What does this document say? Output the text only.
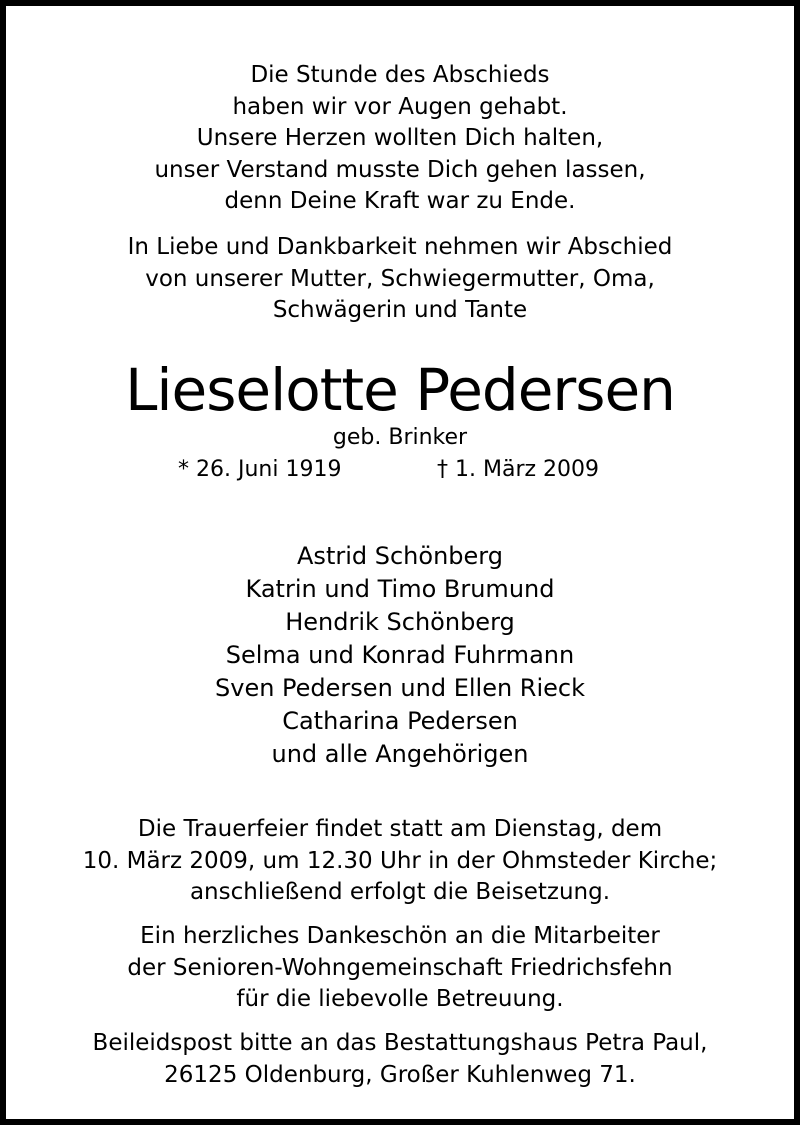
Die Stunde des Abschieds
haben wir vor Augen gehabt.
Unsere Herzen wollten Dich halten,
unser Verstand musste Dich gehen lassen,
denn Deine Kraft war zu Ende.
In Liebe und Dankbarkeit nehmen wir Abschied
von unserer Mutter, Schwiegermutter, Oma,
Schwägerin und Tante
Lieselotte Pedersen
geb. Brinker
* 26. Juni 1919	† 1. März 2009
Astrid Schönberg
Katrin und Timo Brumund
Hendrik Schönberg
Selma und Konrad Fuhrmann
Sven Pedersen und Ellen Rieck
Catharina Pedersen
und alle Angehörigen
Die Trauerfeier findet statt am Dienstag, dem
10. März 2009, um 12.30 Uhr in der Ohmsteder Kirche;
anschließend erfolgt die Beisetzung.
Ein herzliches Dankeschön an die Mitarbeiter
der Senioren-Wohngemeinschaft Friedrichsfehn
für die liebevolle Betreuung.
Beileidspost bitte an das Bestattungshaus Petra Paul,
26125 Oldenburg, Großer Kuhlenweg 71.
